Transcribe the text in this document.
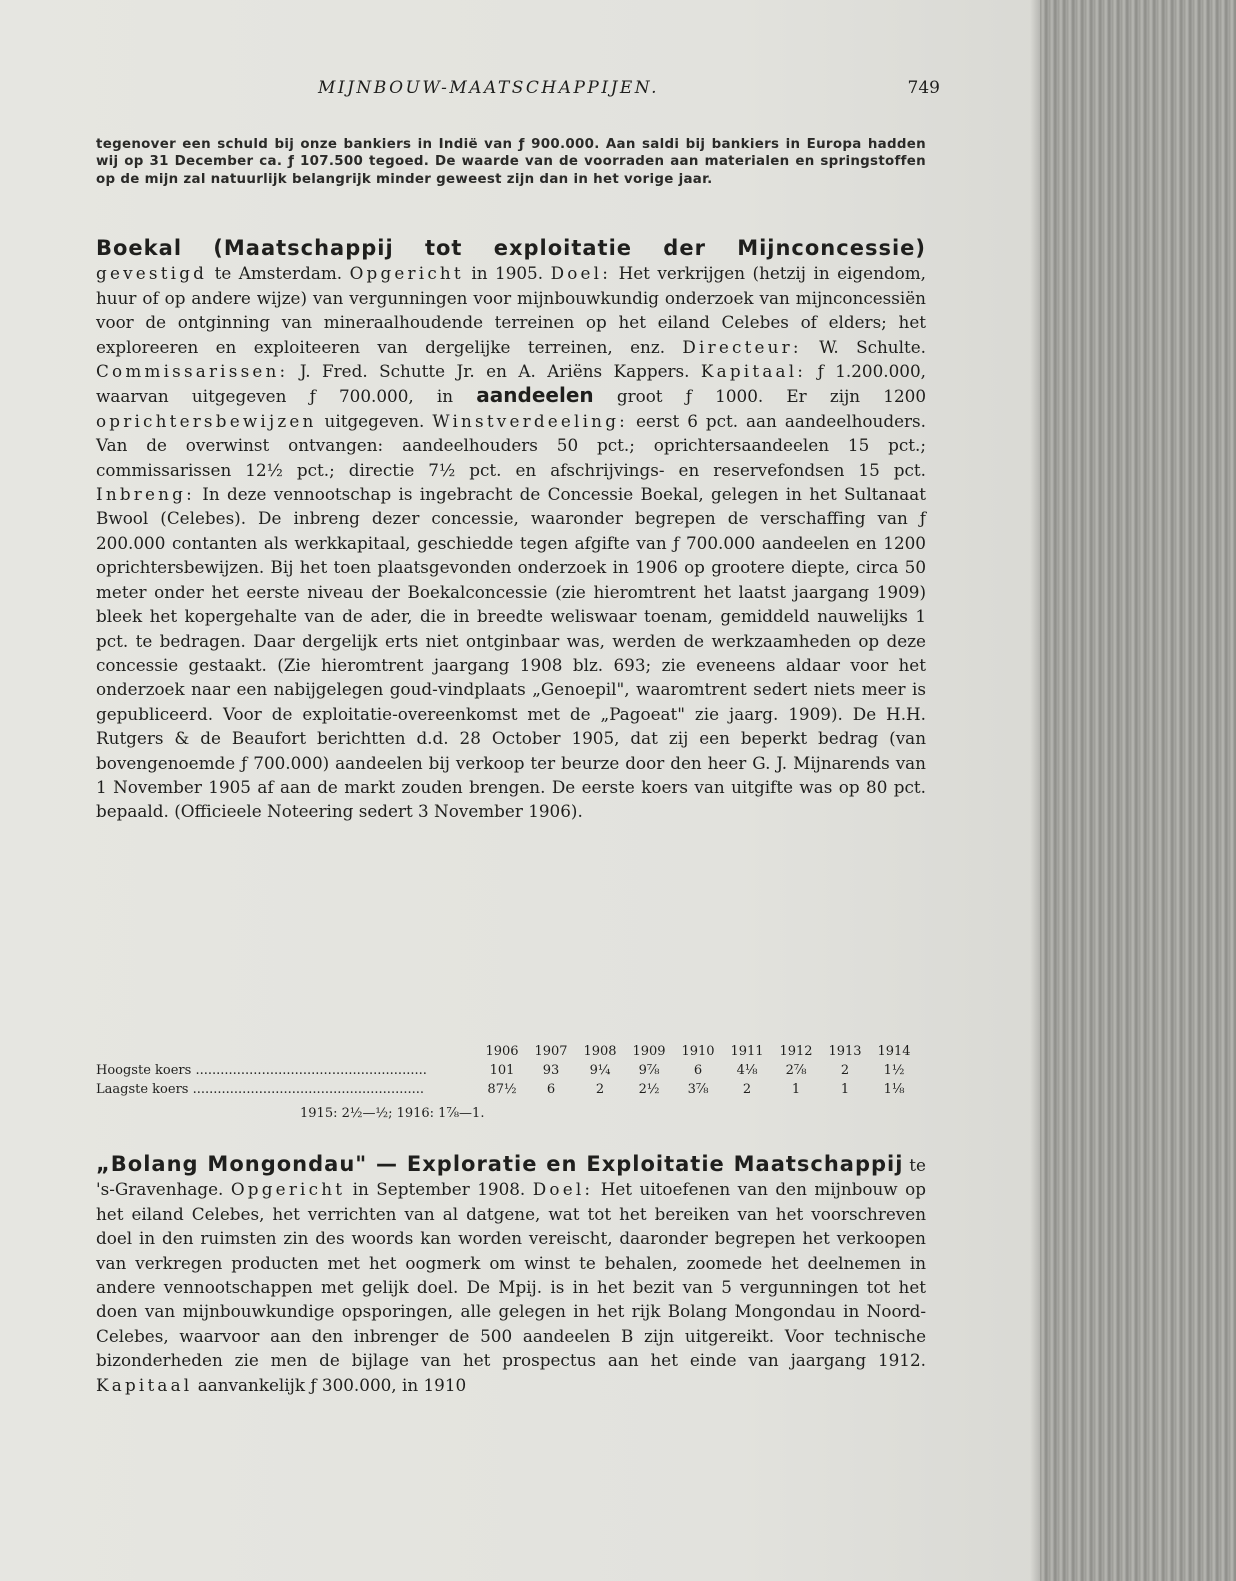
MIJNBOUW-MAATSCHAPPIJEN.	749
tegenover een schuld bij onze bankiers in Indië van ƒ 900.000. Aan saldi bij bankiers in Europa hadden wij op 31 December ca. ƒ 107.500 tegoed. De waarde van de voorraden aan materialen en springstoffen op de mijn zal natuurlijk belangrijk minder geweest zijn dan in het vorige jaar.
Boekal (Maatschappij tot exploitatie der Mijnconcessie) gevestigd te Amsterdam. Opgericht in 1905. Doel: Het verkrijgen (hetzij in eigendom, huur of op andere wijze) van vergunningen voor mijnbouwkundig onderzoek van mijnconcessiën voor de ontginning van mineraalhoudende terreinen op het eiland Celebes of elders; het exploreeren en exploiteeren van dergelijke terreinen, enz. Directeur: W. Schulte. Commissarissen: J. Fred. Schutte Jr. en A. Ariëns Kappers. Kapitaal: ƒ 1.200.000, waarvan uitgegeven ƒ 700.000, in aandeelen groot ƒ 1000. Er zijn 1200 oprichtersbewijzen uitgegeven. Winstverdeeling: eerst 6 pct. aan aandeelhouders. Van de overwinst ontvangen: aandeelhouders 50 pct.; oprichtersaandeelen 15 pct.; commissarissen 12½ pct.; directie 7½ pct. en afschrijvings- en reservefondsen 15 pct. Inbreng: In deze vennootschap is ingebracht de Concessie Boekal, gelegen in het Sultanaat Bwool (Celebes). De inbreng dezer concessie, waaronder begrepen de verschaffing van ƒ 200.000 contanten als werkkapitaal, geschiedde tegen afgifte van ƒ 700.000 aandeelen en 1200 oprichtersbewijzen. Bij het toen plaatsgevonden onderzoek in 1906 op grootere diepte, circa 50 meter onder het eerste niveau der Boekalconcessie (zie hieromtrent het laatst jaargang 1909) bleek het kopergehalte van de ader, die in breedte weliswaar toenam, gemiddeld nauwelijks 1 pct. te bedragen. Daar dergelijk erts niet ontginbaar was, werden de werkzaamheden op deze concessie gestaakt. (Zie hieromtrent jaargang 1908 blz. 693; zie eveneens aldaar voor het onderzoek naar een nabijgelegen goud-vindplaats „Genoepil", waaromtrent sedert niets meer is gepubliceerd. Voor de exploitatie-overeenkomst met de „Pagoeat" zie jaarg. 1909). De H.H. Rutgers & de Beaufort berichtten d.d. 28 October 1905, dat zij een beperkt bedrag (van bovengenoemde ƒ 700.000) aandeelen bij verkoop ter beurze door den heer G. J. Mijnarends van 1 November 1905 af aan de markt zouden brengen. De eerste koers van uitgifte was op 80 pct. bepaald. (Officieele Noteering sedert 3 November 1906).
1906	1907	1908	1909	1910	1911	1912	1913	1914
Hoogste koers ........................................................	101	93	9¼	9⅞	6	4⅛	2⅞	2	1½
Laagste koers ........................................................	87½	6	2	2½	3⅞	2	1	1	1⅛
1915: 2½—½; 1916: 1⅞—1.
„Bolang Mongondau" — Exploratie en Exploitatie Maatschappij te 's-Gravenhage. Opgericht in September 1908. Doel: Het uitoefenen van den mijnbouw op het eiland Celebes, het verrichten van al datgene, wat tot het bereiken van het voorschreven doel in den ruimsten zin des woords kan worden vereischt, daaronder begrepen het verkoopen van verkregen producten met het oogmerk om winst te behalen, zoomede het deelnemen in andere vennootschappen met gelijk doel. De Mpij. is in het bezit van 5 vergunningen tot het doen van mijnbouwkundige opsporingen, alle gelegen in het rijk Bolang Mongondau in Noord-Celebes, waarvoor aan den inbrenger de 500 aandeelen B zijn uitgereikt. Voor technische bizonderheden zie men de bijlage van het prospectus aan het einde van jaargang 1912. Kapitaal aanvankelijk ƒ 300.000, in 1910
